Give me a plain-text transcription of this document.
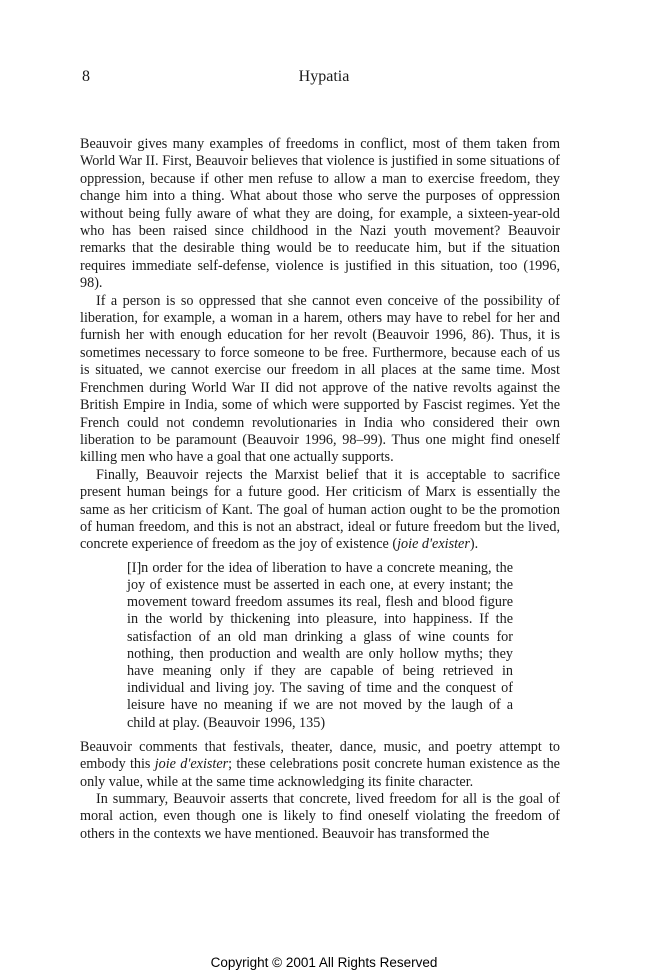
8	Hypatia

Beauvoir gives many examples of freedoms in conflict, most of them taken from World War II. First, Beauvoir believes that violence is justified in some situations of oppression, because if other men refuse to allow a man to exercise freedom, they change him into a thing. What about those who serve the purposes of oppression without being fully aware of what they are doing, for example, a sixteen-year-old who has been raised since childhood in the Nazi youth movement? Beauvoir remarks that the desirable thing would be to reeducate him, but if the situation requires immediate self-defense, violence is justified in this situation, too (1996, 98).

If a person is so oppressed that she cannot even conceive of the possibility of liberation, for example, a woman in a harem, others may have to rebel for her and furnish her with enough education for her revolt (Beauvoir 1996, 86). Thus, it is sometimes necessary to force someone to be free. Furthermore, because each of us is situated, we cannot exercise our freedom in all places at the same time. Most Frenchmen during World War II did not approve of the native revolts against the British Empire in India, some of which were supported by Fascist regimes. Yet the French could not condemn revolutionaries in India who considered their own liberation to be paramount (Beauvoir 1996, 98–99). Thus one might find oneself killing men who have a goal that one actually supports.

Finally, Beauvoir rejects the Marxist belief that it is acceptable to sacrifice present human beings for a future good. Her criticism of Marx is essentially the same as her criticism of Kant. The goal of human action ought to be the promotion of human freedom, and this is not an abstract, ideal or future freedom but the lived, concrete experience of freedom as the joy of existence (joie d'exister).

[I]n order for the idea of liberation to have a concrete meaning, the joy of existence must be asserted in each one, at every instant; the movement toward freedom assumes its real, flesh and blood figure in the world by thickening into pleasure, into happiness. If the satisfaction of an old man drinking a glass of wine counts for nothing, then production and wealth are only hollow myths; they have meaning only if they are capable of being retrieved in individual and living joy. The saving of time and the conquest of leisure have no meaning if we are not moved by the laugh of a child at play. (Beauvoir 1996, 135)

Beauvoir comments that festivals, theater, dance, music, and poetry attempt to embody this joie d'exister; these celebrations posit concrete human existence as the only value, while at the same time acknowledging its finite character.

In summary, Beauvoir asserts that concrete, lived freedom for all is the goal of moral action, even though one is likely to find oneself violating the freedom of others in the contexts we have mentioned. Beauvoir has transformed the

Copyright © 2001 All Rights Reserved
